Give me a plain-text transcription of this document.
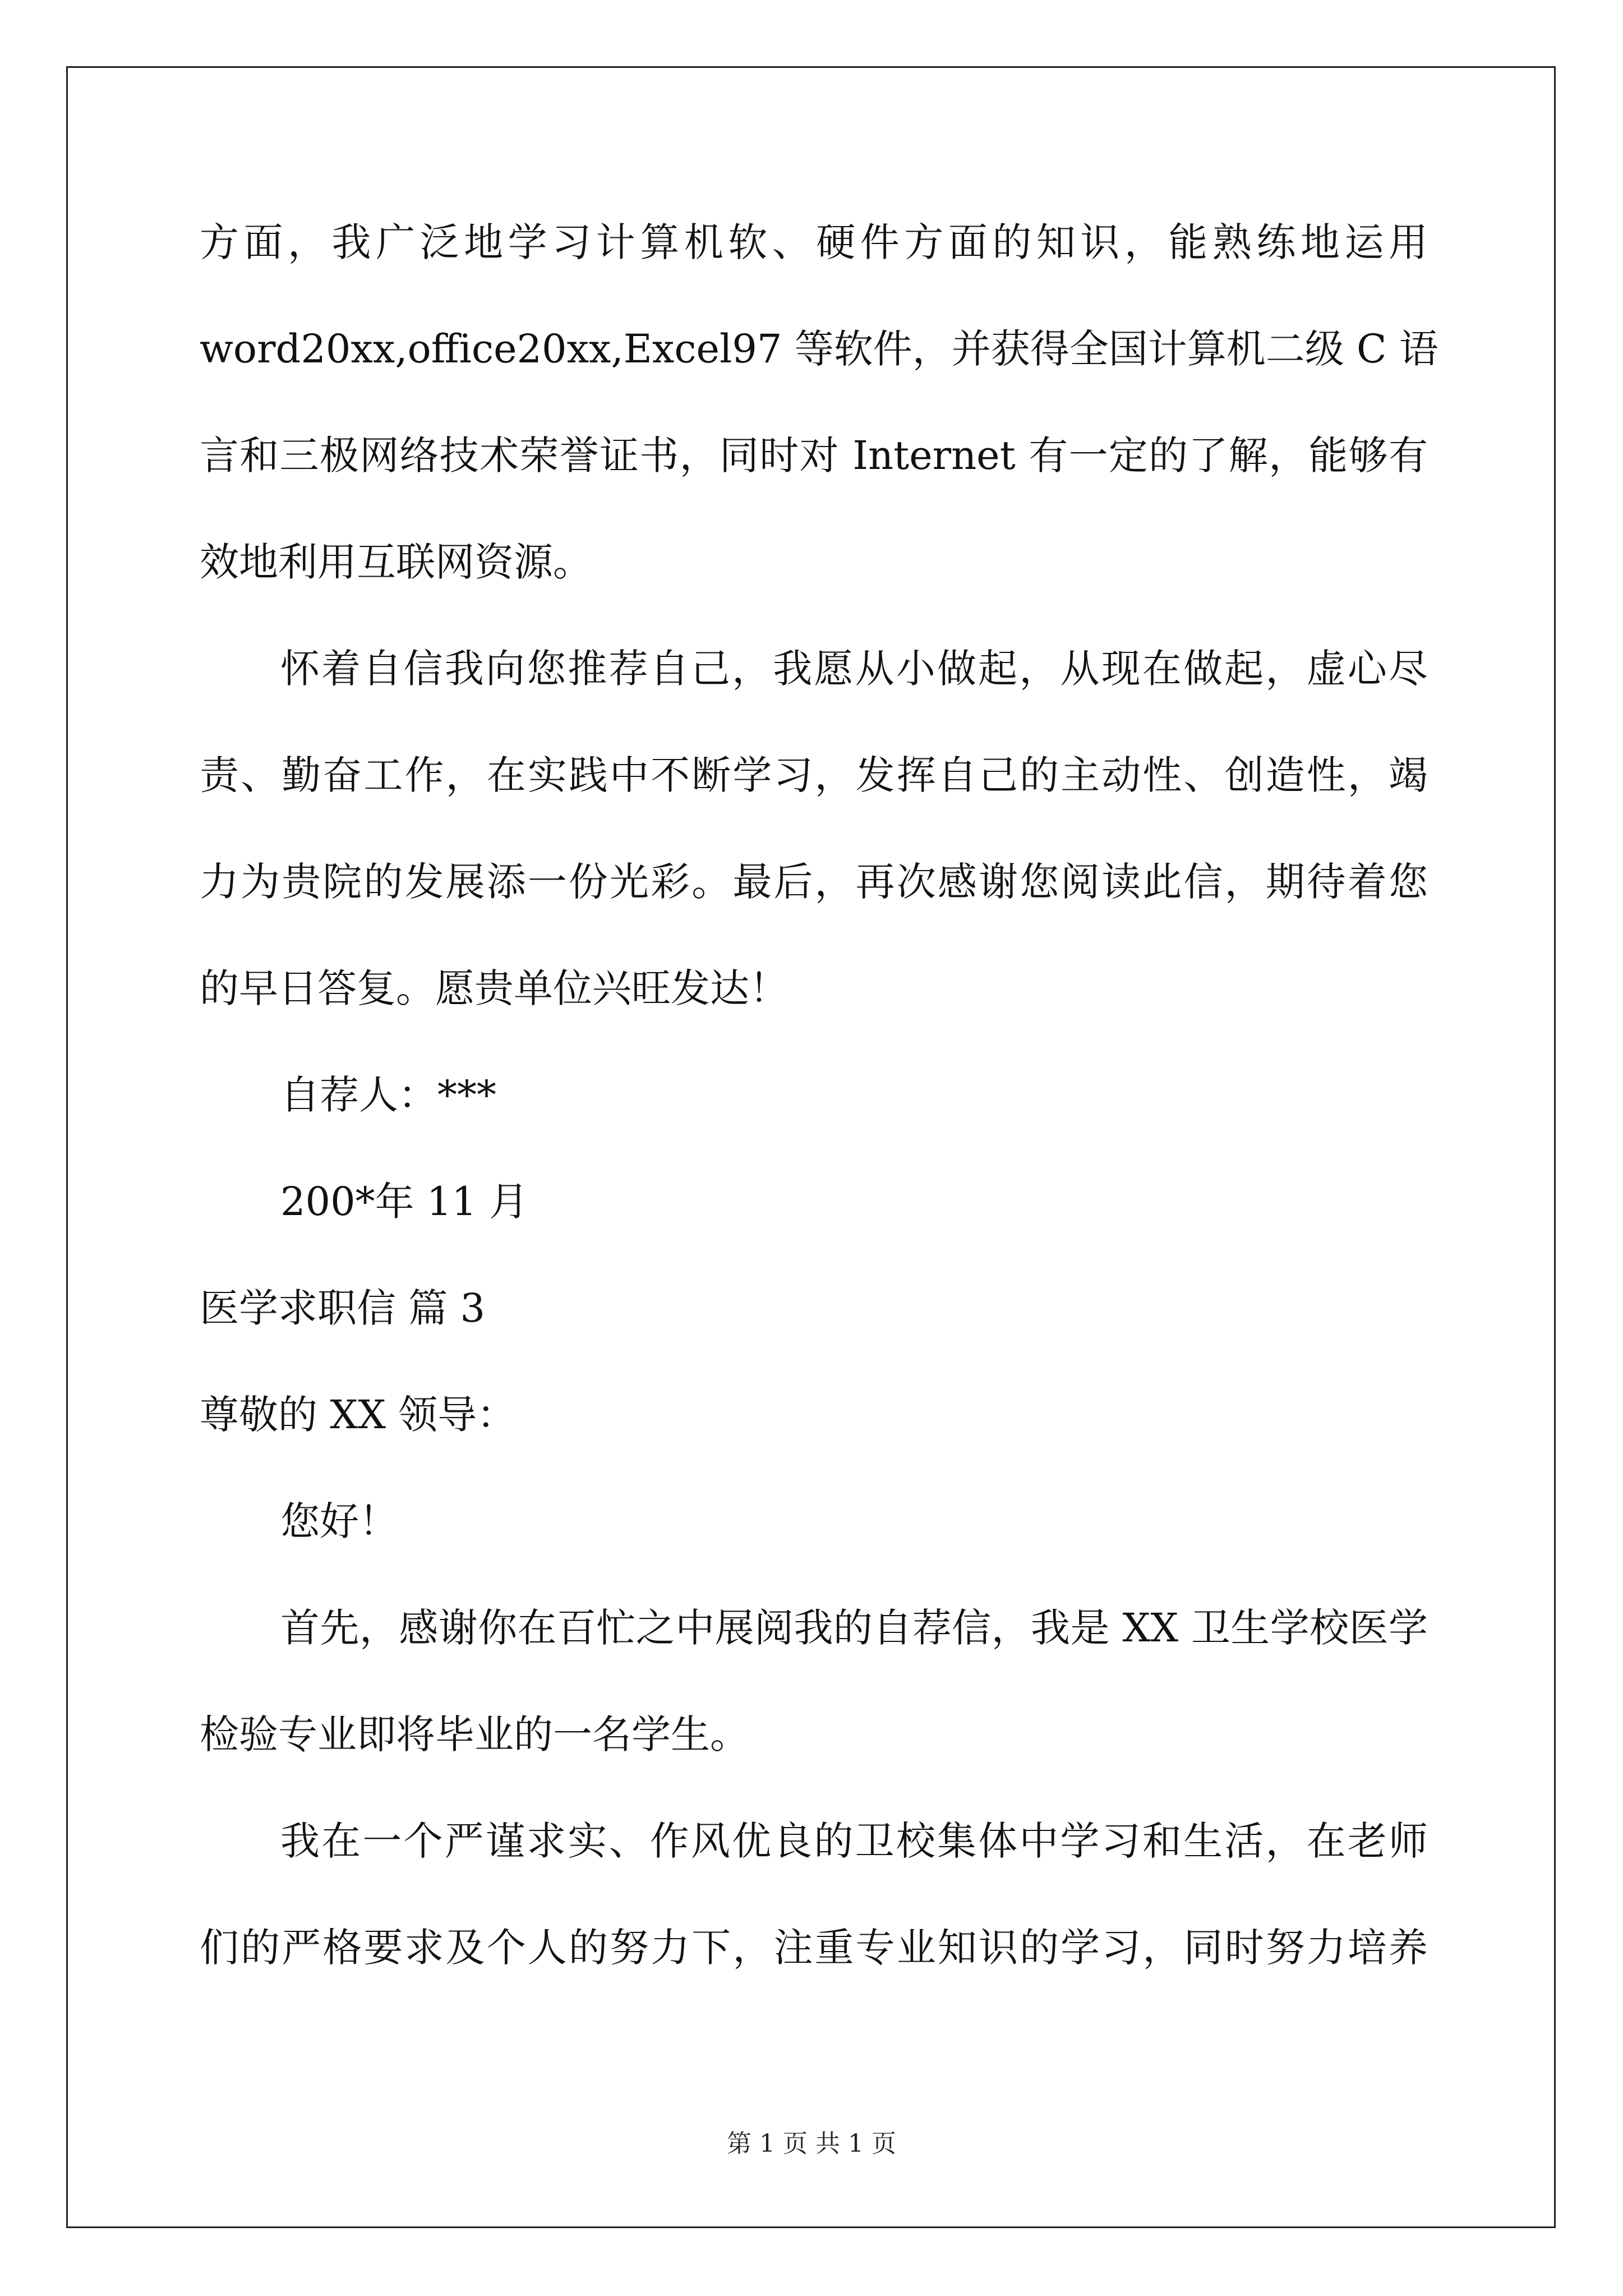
方面，我广泛地学习计算机软、硬件方面的知识，能熟练地运用

word20xx,office20xx,Excel97 等软件，并获得全国计算机二级 C 语

言和三极网络技术荣誉证书，同时对 Internet 有一定的了解，能够有

效地利用互联网资源。

怀着自信我向您推荐自己，我愿从小做起，从现在做起，虚心尽

责、勤奋工作，在实践中不断学习，发挥自己的主动性、创造性，竭

力为贵院的发展添一份光彩。最后，再次感谢您阅读此信，期待着您

的早日答复。愿贵单位兴旺发达！

自荐人：***

200*年 11 月

医学求职信 篇 3

尊敬的 XX 领导：

您好！

首先，感谢你在百忙之中展阅我的自荐信，我是 XX 卫生学校医学

检验专业即将毕业的一名学生。

我在一个严谨求实、作风优良的卫校集体中学习和生活，在老师

们的严格要求及个人的努力下，注重专业知识的学习，同时努力培养

第 1 页 共 1 页
